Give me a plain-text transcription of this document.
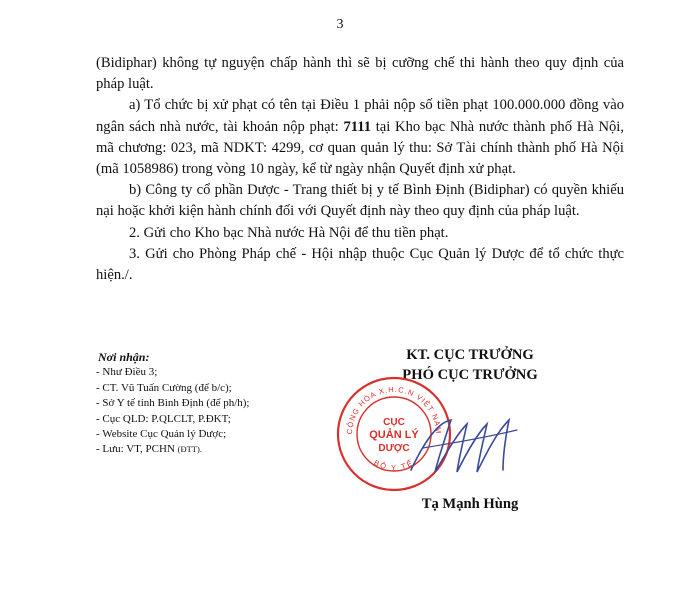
3

(Bidiphar) không tự nguyện chấp hành thì sẽ bị cưỡng chế thi hành theo quy định của pháp luật.

a) Tổ chức bị xử phạt có tên tại Điều 1 phải nộp số tiền phạt 100.000.000 đồng vào ngân sách nhà nước, tài khoản nộp phạt: 7111 tại Kho bạc Nhà nước thành phố Hà Nội, mã chương: 023, mã NDKT: 4299, cơ quan quản lý thu: Sở Tài chính thành phố Hà Nội (mã 1058986) trong vòng 10 ngày, kể từ ngày nhận Quyết định xử phạt.

b) Công ty cổ phần Dược - Trang thiết bị y tế Bình Định (Bidiphar) có quyền khiếu nại hoặc khởi kiện hành chính đối với Quyết định này theo quy định của pháp luật.

2. Gửi cho Kho bạc Nhà nước Hà Nội để thu tiền phạt.

3. Gửi cho Phòng Pháp chế - Hội nhập thuộc Cục Quản lý Dược để tổ chức thực hiện./.

Nơi nhận:

- Như Điều 3;

- CT. Vũ Tuấn Cường (để b/c);

- Sở Y tế tỉnh Bình Định (để ph/h);

- Cục QLD: P.QLCLT, P.ĐKT;

- Website Cục Quản lý Dược;

- Lưu: VT, PCHN (ĐTT).

KT. CỤC TRƯỞNG
PHÓ CỤC TRƯỞNG
CỘNG HÒA X.H.C.N VIỆT NAM
BỘ Y TẾ
CỤC
QUẢN LÝ
DƯỢC
Tạ Mạnh Hùng
